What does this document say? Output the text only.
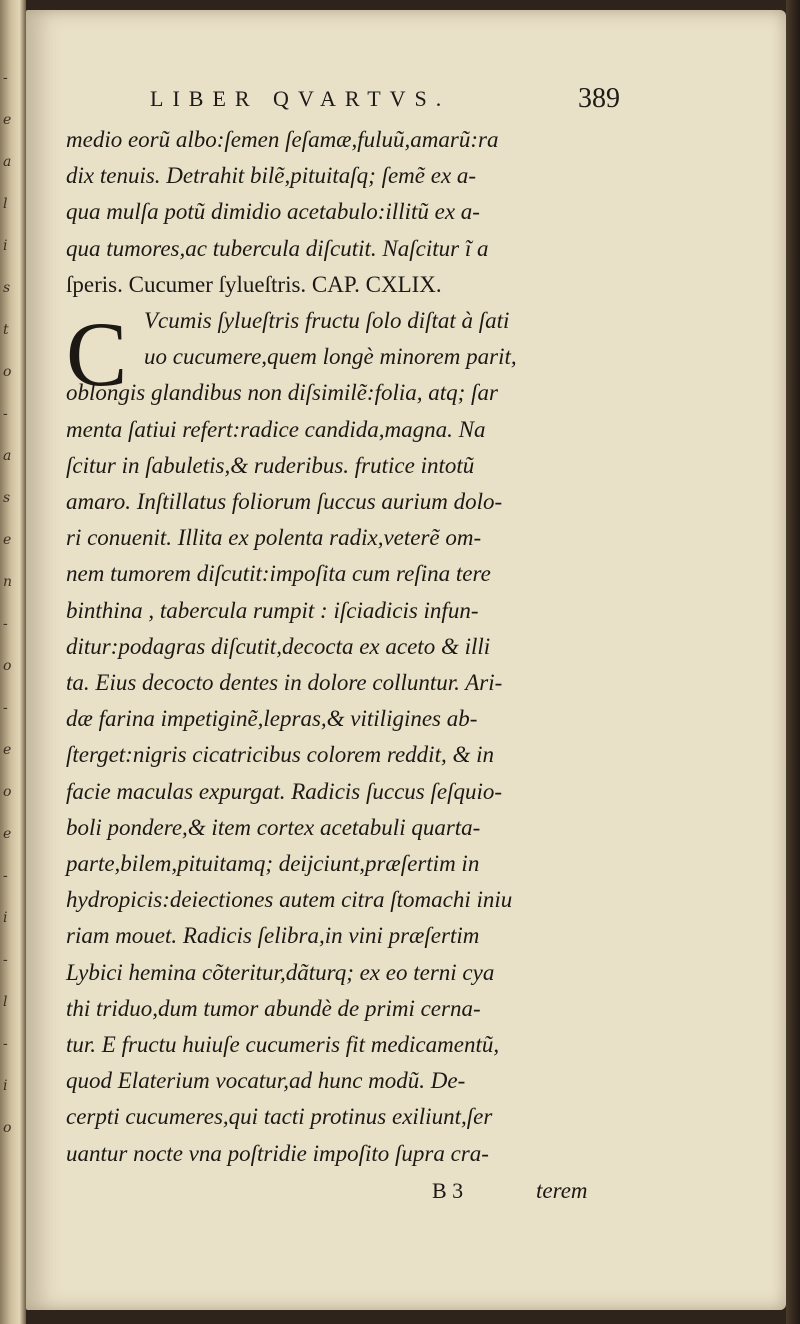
-
e
a
l
i
s
t
o
-
a
s
e
n
-
o
-
e
o
e
-
i
-
l
-
i
o
LIBER QVARTVS.	389
C
medio eorũ albo:ſemen ſeſamæ,fuluũ,amarũ:ra
dix tenuis. Detrahit bilẽ,pituitaſq; ſemẽ ex a-
qua mulſa potũ dimidio acetabulo:illitũ ex a-
qua tumores,ac tubercula diſcutit. Naſcitur ĩ a
ſperis. Cucumer ſylueſtris. CAP. CXLIX.
Vcumis ſylueſtris fructu ſolo diſtat à ſati
uo cucumere,quem longè minorem parit,
oblongis glandibus non diſsimilẽ:folia, atq; ſar
menta ſatiui refert:radice candida,magna. Na
ſcitur in ſabuletis,& ruderibus. frutice intotũ
amaro. Inſtillatus foliorum ſuccus aurium dolo-
ri conuenit. Illita ex polenta radix,veterẽ om-
nem tumorem diſcutit:impoſita cum reſina tere
binthina , tabercula rumpit : iſciadicis infun-
ditur:podagras diſcutit,decocta ex aceto & illi
ta. Eius decocto dentes in dolore colluntur. Ari-
dæ farina impetiginẽ,lepras,& vitiligines ab-
ſterget:nigris cicatricibus colorem reddit, & in
facie maculas expurgat. Radicis ſuccus ſeſquio-
boli pondere,& item cortex acetabuli quarta-
parte,bilem,pituitamq; deijciunt,præſertim in
hydropicis:deiectiones autem citra ſtomachi iniu
riam mouet. Radicis ſelibra,in vini præſertim
Lybici hemina cõteritur,dãturq; ex eo terni cya
thi triduo,dum tumor abundè de primi cerna-
tur. E fructu huiuſe cucumeris fit medicamentũ,
quod Elaterium vocatur,ad hunc modũ. De-
cerpti cucumeres,qui tacti protinus exiliunt,ſer
uantur nocte vna poſtridie impoſito ſupra cra-
B 3	terem
